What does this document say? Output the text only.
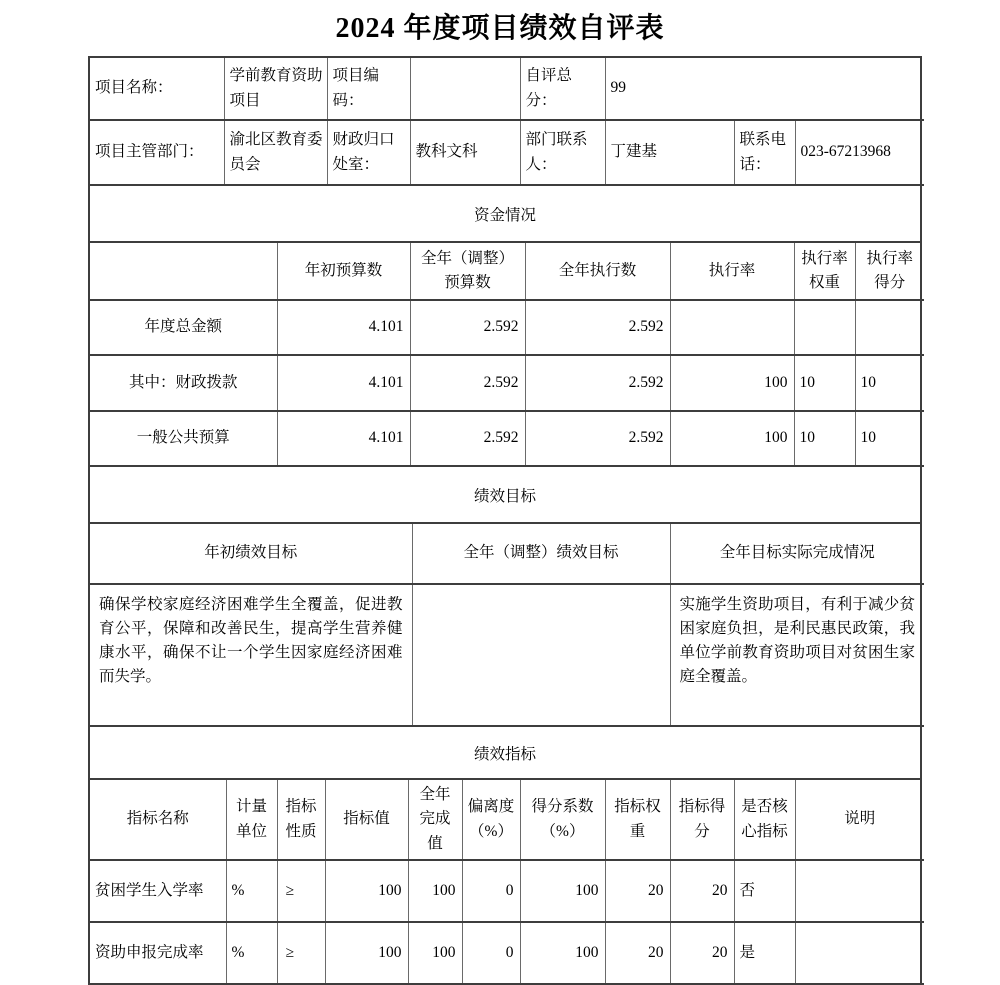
2024 年度项目绩效自评表
项目名称：	学前教育资助项目	项目编码：		自评总分：	99		
项目主管部门：	渝北区教育委员会	财政归口处室：	教科文科	部门联系人：	丁建基	联系电话：	023-67213968
资金情况
	年初预算数	全年（调整）预算数	全年执行数	执行率	执行率权重	执行率得分
年度总金额	4.101	2.592	2.592			
其中：财政拨款	4.101	2.592	2.592	100	10	10
一般公共预算	4.101	2.592	2.592	100	10	10
绩效目标
年初绩效目标	全年（调整）绩效目标	全年目标实际完成情况
确保学校家庭经济困难学生全覆盖，促进教育公平，保障和改善民生，提高学生营养健康水平，确保不让一个学生因家庭经济困难而失学。		实施学生资助项目，有利于减少贫困家庭负担，是利民惠民政策，我单位学前教育资助项目对贫困生家庭全覆盖。
绩效指标
指标名称	计量单位	指标性质	指标值	全年完成值	偏离度（%）	得分系数（%）	指标权重	指标得分	是否核心指标	说明
贫困学生入学率	%	≥	100	100	0	100	20	20	否	
资助申报完成率	%	≥	100	100	0	100	20	20	是	
